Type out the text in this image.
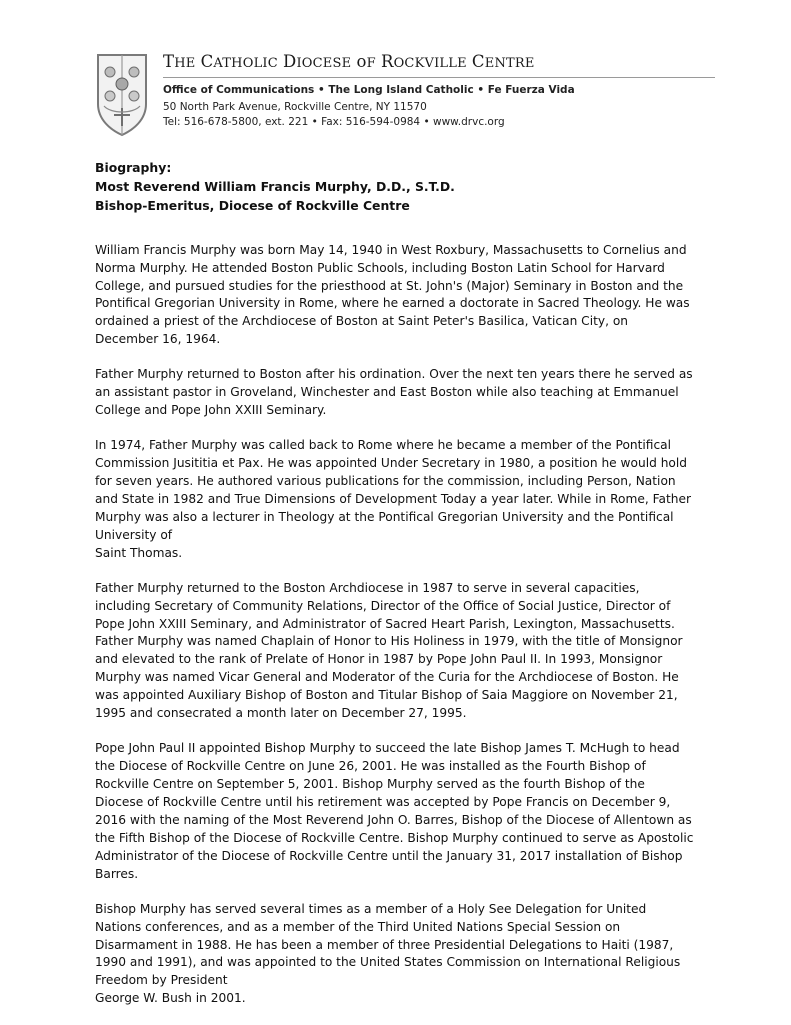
THE CATHOLIC DIOCESE oF ROCKVILLE CENTRE
Office of Communications • The Long Island Catholic • Fe Fuerza Vida
50 North Park Avenue, Rockville Centre, NY 11570
Tel: 516-678-5800, ext. 221 • Fax: 516-594-0984 • www.drvc.org
Biography:
Most Reverend William Francis Murphy, D.D., S.T.D.
Bishop-Emeritus, Diocese of Rockville Centre

William Francis Murphy was born May 14, 1940 in West Roxbury, Massachusetts to Cornelius and Norma Murphy. He attended Boston Public Schools, including Boston Latin School for Harvard College, and pursued studies for the priesthood at St. John's (Major) Seminary in Boston and the Pontifical Gregorian University in Rome, where he earned a doctorate in Sacred Theology. He was ordained a priest of the Archdiocese of Boston at Saint Peter's Basilica, Vatican City, on December 16, 1964.

Father Murphy returned to Boston after his ordination. Over the next ten years there he served as an assistant pastor in Groveland, Winchester and East Boston while also teaching at Emmanuel College and Pope John XXIII Seminary.

In 1974, Father Murphy was called back to Rome where he became a member of the Pontifical Commission Jusititia et Pax. He was appointed Under Secretary in 1980, a position he would hold for seven years. He authored various publications for the commission, including Person, Nation and State in 1982 and True Dimensions of Development Today a year later. While in Rome, Father Murphy was also a lecturer in Theology at the Pontifical Gregorian University and the Pontifical University of
Saint Thomas.

Father Murphy returned to the Boston Archdiocese in 1987 to serve in several capacities, including Secretary of Community Relations, Director of the Office of Social Justice, Director of Pope John XXIII Seminary, and Administrator of Sacred Heart Parish, Lexington, Massachusetts. Father Murphy was named Chaplain of Honor to His Holiness in 1979, with the title of Monsignor and elevated to the rank of Prelate of Honor in 1987 by Pope John Paul II. In 1993, Monsignor Murphy was named Vicar General and Moderator of the Curia for the Archdiocese of Boston. He was appointed Auxiliary Bishop of Boston and Titular Bishop of Saia Maggiore on November 21, 1995 and consecrated a month later on December 27, 1995.

Pope John Paul II appointed Bishop Murphy to succeed the late Bishop James T. McHugh to head the Diocese of Rockville Centre on June 26, 2001. He was installed as the Fourth Bishop of Rockville Centre on September 5, 2001. Bishop Murphy served as the fourth Bishop of the Diocese of Rockville Centre until his retirement was accepted by Pope Francis on December 9, 2016 with the naming of the Most Reverend John O. Barres, Bishop of the Diocese of Allentown as the Fifth Bishop of the Diocese of Rockville Centre. Bishop Murphy continued to serve as Apostolic Administrator of the Diocese of Rockville Centre until the January 31, 2017 installation of Bishop Barres.

Bishop Murphy has served several times as a member of a Holy See Delegation for United Nations conferences, and as a member of the Third United Nations Special Session on Disarmament in 1988. He has been a member of three Presidential Delegations to Haiti (1987, 1990 and 1991), and was appointed to the United States Commission on International Religious Freedom by President
George W. Bush in 2001.
